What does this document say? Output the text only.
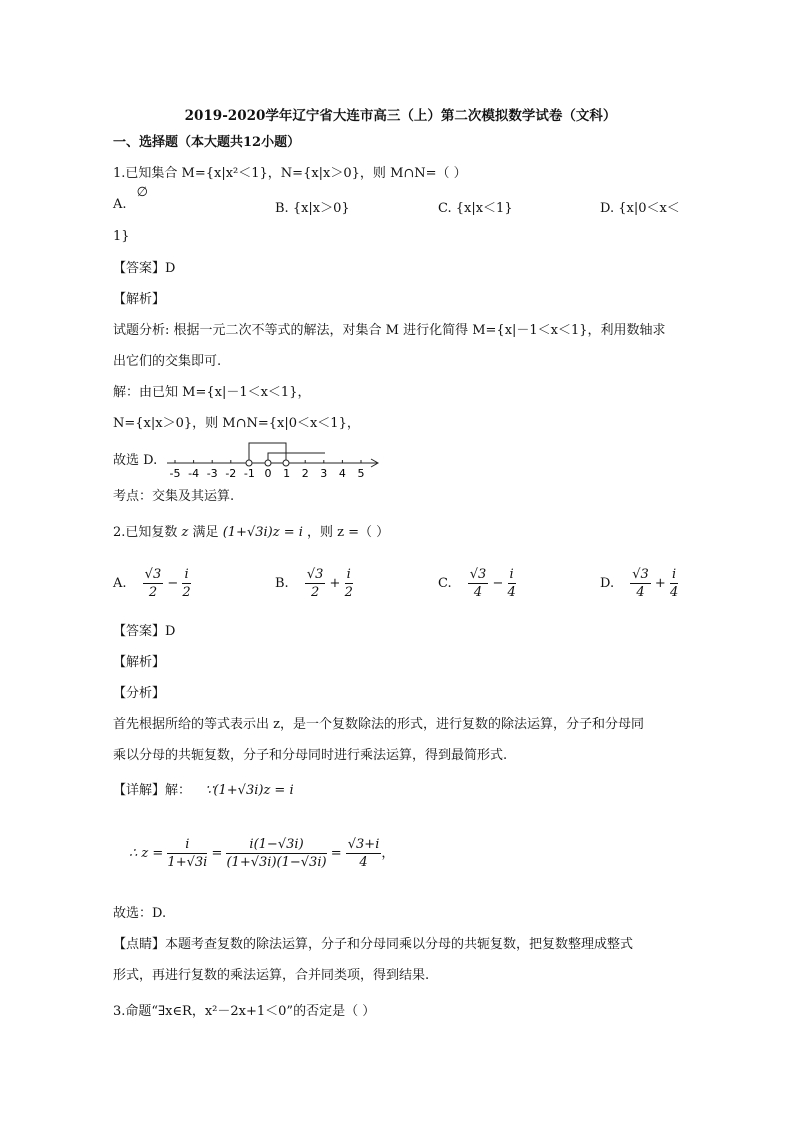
2019-2020学年辽宁省大连市高三（上）第二次模拟数学试卷（文科）
一、选择题（本大题共12小题）
1.已知集合 M={x|x²＜1}，N={x|x＞0}，则 M∩N=（ ）
A. ∅
B. {x|x＞0}	C. {x|x＜1}	D. {x|0＜x＜
1}
【答案】D
【解析】
试题分析: 根据一元二次不等式的解法，对集合 M 进行化简得 M={x|－1＜x＜1}，利用数轴求
出它们的交集即可.
解：由已知 M={x|－1＜x＜1}，
N={x|x＞0}，则 M∩N={x|0＜x＜1}，
故选 D.
-5 -4 -3 -2 -1 0 1 2 3 4 5
考点：交集及其运算.
2.已知复数 z 满足 (1+√3i)z = i ，则 z =（ ）
A. $\frac{√3}{2} - \frac{i}{2}$	B. $\frac{√3}{2} + \frac{i}{2}$	C. $\frac{√3}{4} - \frac{i}{4}$	D. $\frac{√3}{4} + \frac{i}{4}$
【答案】D
【解析】
【分析】
首先根据所给的等式表示出 z，是一个复数除法的形式，进行复数的除法运算，分子和分母同
乘以分母的共轭复数，分子和分母同时进行乘法运算，得到最简形式.
【详解】解： ∵(1+√3i)z = i
∴ $z = \frac{i}{1+√3i} = \frac{i(1-√3i)}{(1+√3i)(1-√3i)} = \frac{√3+i}{4}$ ，
故选：D.
【点睛】本题考查复数的除法运算，分子和分母同乘以分母的共轭复数，把复数整理成整式
形式，再进行复数的乘法运算，合并同类项，得到结果.
3.命题“∃x∈R，x²－2x+1＜0”的否定是（ ）
